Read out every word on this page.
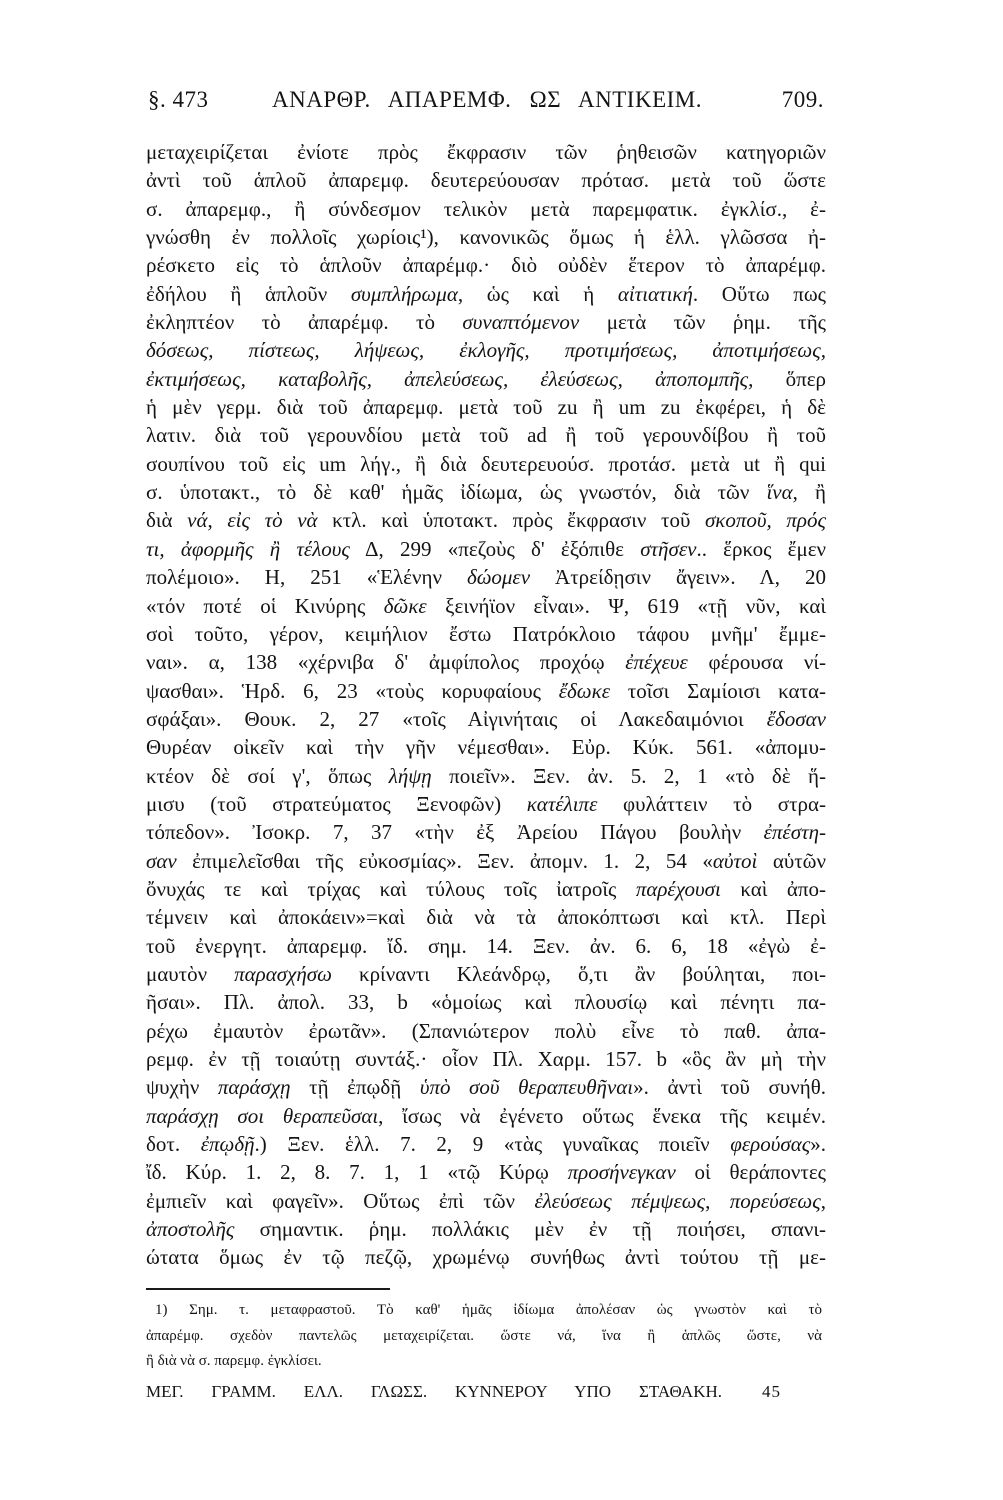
§. 473	ΑΝΑΡΘΡ. ΑΠΑΡΕΜΦ. ΩΣ ΑΝΤΙΚΕΙΜ.	709.
μεταχειρίζεται ἐνίοτε πρὸς ἔκφρασιν τῶν ῥηθεισῶν κατηγοριῶν
ἀντὶ τοῦ ἁπλοῦ ἀπαρεμφ. δευτερεύουσαν πρότασ. μετὰ τοῦ ὥστε
σ. ἀπαρεμφ., ἢ σύνδεσμον τελικὸν μετὰ παρεμφατικ. ἐγκλίσ., ἐ-
γνώσθη ἐν πολλοῖς χωρίοις¹), κανονικῶς ὅμως ἡ ἑλλ. γλῶσσα ἠ-
ρέσκετο εἰς τὸ ἁπλοῦν ἀπαρέμφ.· διὸ οὐδὲν ἕτερον τὸ ἀπαρέμφ.
ἐδήλου ἢ ἁπλοῦν συμπλήρωμα, ὡς καὶ ἡ αἰτιατική. Οὕτω πως
ἐκληπτέον τὸ ἀπαρέμφ. τὸ συναπτόμενον μετὰ τῶν ῥημ. τῆς
δόσεως, πίστεως, λήψεως, ἐκλογῆς, προτιμήσεως, ἀποτιμήσεως,
ἐκτιμήσεως, καταβολῆς, ἀπελεύσεως, ἐλεύσεως, ἀποπομπῆς, ὅπερ
ἡ μὲν γερμ. διὰ τοῦ ἀπαρεμφ. μετὰ τοῦ zu ἢ um zu ἐκφέρει, ἡ δὲ
λατιν. διὰ τοῦ γερουνδίου μετὰ τοῦ ad ἢ τοῦ γερουνδίβου ἢ τοῦ
σουπίνου τοῦ εἰς um λήγ., ἢ διὰ δευτερευούσ. προτάσ. μετὰ ut ἢ qui
σ. ὑποτακτ., τὸ δὲ καθ' ἡμᾶς ἰδίωμα, ὡς γνωστόν, διὰ τῶν ἵνα, ἢ
διὰ νά, εἰς τὸ νὰ κτλ. καὶ ὑποτακτ. πρὸς ἔκφρασιν τοῦ σκοποῦ, πρός
τι, ἀφορμῆς ἢ τέλους Δ, 299 «πεζοὺς δ' ἐξόπιθε στῆσεν.. ἕρκος ἔμεν
πολέμοιο». Η, 251 «Ἑλένην δώομεν Ἀτρείδῃσιν ἄγειν». Λ, 20
«τόν ποτέ οἱ Κινύρης δῶκε ξεινήϊον εἶναι». Ψ, 619 «τῇ νῦν, καὶ
σοὶ τοῦτο, γέρον, κειμήλιον ἔστω Πατρόκλοιο τάφου μνῆμ' ἔμμε-
ναι». α, 138 «χέρνιβα δ' ἀμφίπολος προχόῳ ἐπέχευε φέρουσα νί-
ψασθαι». Ἡρδ. 6, 23 «τοὺς κορυφαίους ἔδωκε τοῖσι Σαμίοισι κατα-
σφάξαι». Θουκ. 2, 27 «τοῖς Αἰγινήταις οἱ Λακεδαιμόνιοι ἔδοσαν
Θυρέαν οἰκεῖν καὶ τὴν γῆν νέμεσθαι». Εὐρ. Κύκ. 561. «ἀπομυ-
κτέον δὲ σοί γ', ὅπως λήψῃ ποιεῖν». Ξεν. ἀν. 5. 2, 1 «τὸ δὲ ἥ-
μισυ (τοῦ στρατεύματος Ξενοφῶν) κατέλιπε φυλάττειν τὸ στρα-
τόπεδον». Ἰσοκρ. 7, 37 «τὴν ἐξ Ἀρείου Πάγου βουλὴν ἐπέστη-
σαν ἐπιμελεῖσθαι τῆς εὐκοσμίας». Ξεν. ἀπομν. 1. 2, 54 «αὐτοὶ αὑτῶν
ὄνυχάς τε καὶ τρίχας καὶ τύλους τοῖς ἰατροῖς παρέχουσι καὶ ἀπο-
τέμνειν καὶ ἀποκάειν»=καὶ διὰ νὰ τὰ ἀποκόπτωσι καὶ κτλ. Περὶ
τοῦ ἐνεργητ. ἀπαρεμφ. ἴδ. σημ. 14. Ξεν. ἀν. 6. 6, 18 «ἐγὼ ἐ-
μαυτὸν παρασχήσω κρίναντι Κλεάνδρῳ, ὅ,τι ἂν βούληται, ποι-
ῆσαι». Πλ. ἀπολ. 33, b «ὁμοίως καὶ πλουσίῳ καὶ πένητι πα-
ρέχω ἐμαυτὸν ἐρωτᾶν». (Σπανιώτερον πολὺ εἶνε τὸ παθ. ἀπα-
ρεμφ. ἐν τῇ τοιαύτῃ συντάξ.· οἷον Πλ. Χαρμ. 157. b «ὃς ἂν μὴ τὴν
ψυχὴν παράσχῃ τῇ ἐπῳδῇ ὑπὸ σοῦ θεραπευθῆναι». ἀντὶ τοῦ συνήθ.
παράσχῃ σοι θεραπεῦσαι, ἴσως νὰ ἐγένετο οὕτως ἕνεκα τῆς κειμέν.
δοτ. ἐπῳδῇ.) Ξεν. ἑλλ. 7. 2, 9 «τὰς γυναῖκας ποιεῖν φερούσας».
ἴδ. Κύρ. 1. 2, 8. 7. 1, 1 «τῷ Κύρῳ προσήνεγκαν οἱ θεράποντες
ἐμπιεῖν καὶ φαγεῖν». Οὕτως ἐπὶ τῶν ἐλεύσεως πέμψεως, πορεύσεως,
ἀποστολῆς σημαντικ. ῥημ. πολλάκις μὲν ἐν τῇ ποιήσει, σπανι-
ώτατα ὅμως ἐν τῷ πεζῷ, χρωμένῳ συνήθως ἀντὶ τούτου τῇ με-
1) Σημ. τ. μεταφραστοῦ. Τὸ καθ' ἡμᾶς ἰδίωμα ἀπολέσαν ὡς γνωστὸν καὶ τὸ
ἀπαρέμφ. σχεδὸν παντελῶς μεταχειρίζεται. ὥστε νά, ἵνα ἢ ἁπλῶς ὥστε, νὰ
ἢ διὰ νὰ σ. παρεμφ. ἐγκλίσει.
ΜΕΓ. ΓΡΑΜΜ. ΕΛΛ. ΓΛΩΣΣ. ΚΥΝΝΕΡΟΥ ΥΠΟ ΣΤΑΘΑΚΗ. 45
